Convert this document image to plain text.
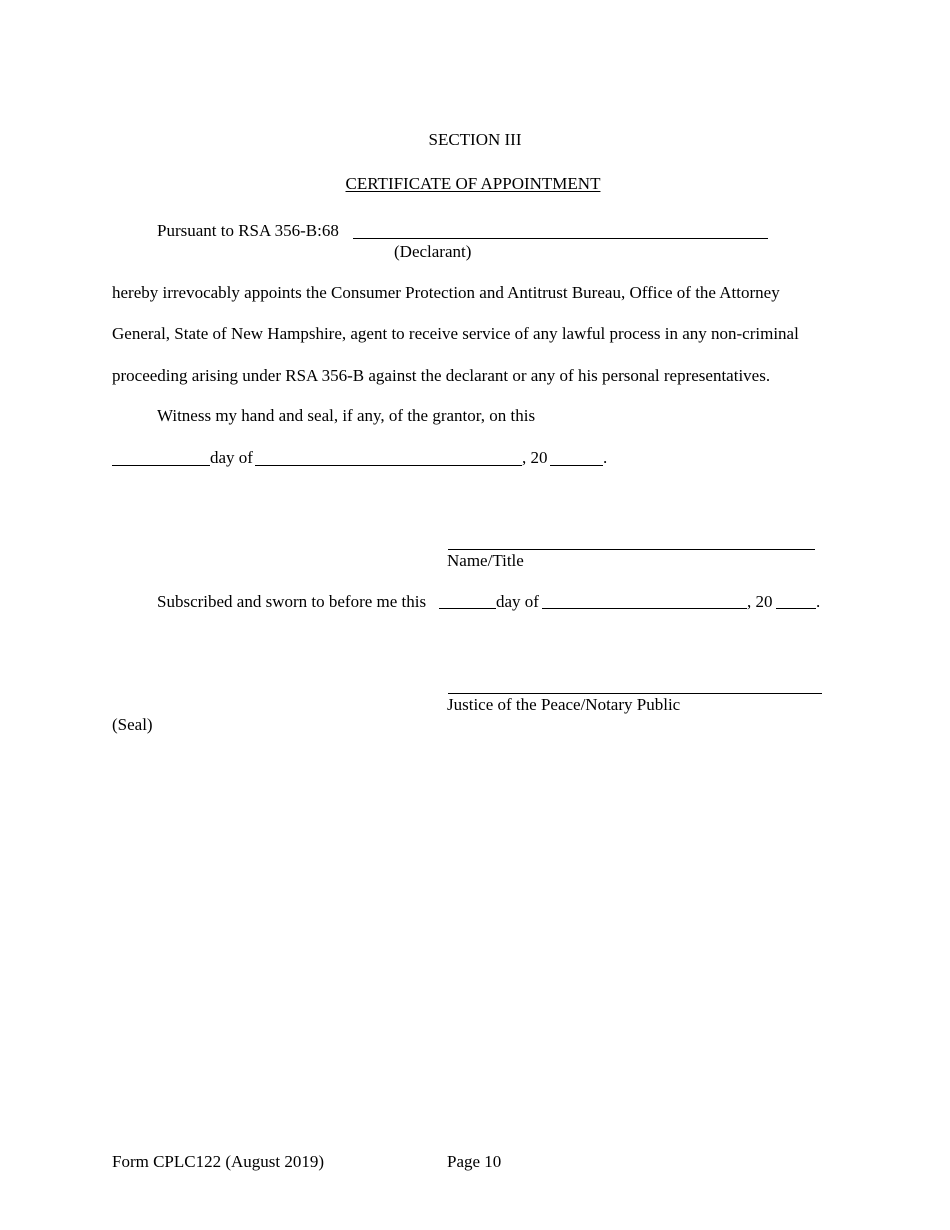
SECTION III
CERTIFICATE OF APPOINTMENT
Pursuant to RSA 356-B:68
(Declarant)
hereby irrevocably appoints the Consumer Protection and Antitrust Bureau, Office of the Attorney
General, State of New Hampshire, agent to receive service of any lawful process in any non-criminal
proceeding arising under RSA 356-B against the declarant or any of his personal representatives.
Witness my hand and seal, if any, of the grantor, on this
day of	, 20	.
Name/Title
Subscribed and sworn to before me this	day of	, 20	.
Justice of the Peace/Notary Public
(Seal)
Form CPLC122 (August 2019)	Page 10
